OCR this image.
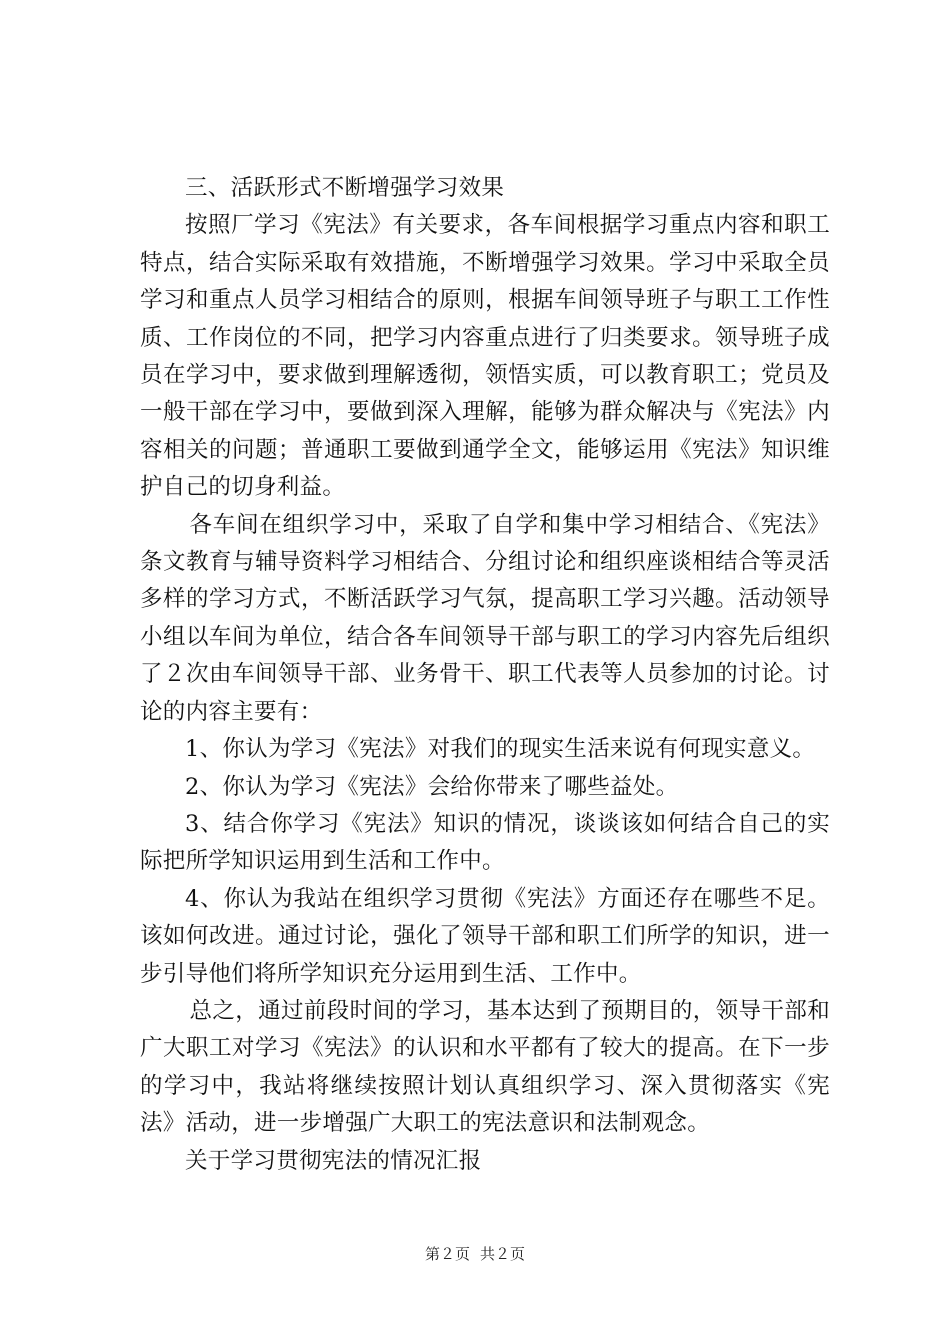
三、活跃形式不断增强学习效果

按照厂学习《宪法》有关要求，各车间根据学习重点内容和职工特点，结合实际采取有效措施，不断增强学习效果。学习中采取全员学习和重点人员学习相结合的原则，根据车间领导班子与职工工作性质、工作岗位的不同，把学习内容重点进行了归类要求。领导班子成员在学习中，要求做到理解透彻，领悟实质，可以教育职工；党员及一般干部在学习中，要做到深入理解，能够为群众解决与《宪法》内容相关的问题；普通职工要做到通学全文，能够运用《宪法》知识维护自己的切身利益。

各车间在组织学习中，采取了自学和集中学习相结合、《宪法》条文教育与辅导资料学习相结合、分组讨论和组织座谈相结合等灵活多样的学习方式，不断活跃学习气氛，提高职工学习兴趣。活动领导小组以车间为单位，结合各车间领导干部与职工的学习内容先后组织了２次由车间领导干部、业务骨干、职工代表等人员参加的讨论。讨论的内容主要有：

1、你认为学习《宪法》对我们的现实生活来说有何现实意义。

2、你认为学习《宪法》会给你带来了哪些益处。

3、结合你学习《宪法》知识的情况，谈谈该如何结合自己的实际把所学知识运用到生活和工作中。

4、你认为我站在组织学习贯彻《宪法》方面还存在哪些不足。该如何改进。通过讨论，强化了领导干部和职工们所学的知识，进一步引导他们将所学知识充分运用到生活、工作中。

总之，通过前段时间的学习，基本达到了预期目的，领导干部和广大职工对学习《宪法》的认识和水平都有了较大的提高。在下一步的学习中，我站将继续按照计划认真组织学习、深入贯彻落实《宪法》活动，进一步增强广大职工的宪法意识和法制观念。

关于学习贯彻宪法的情况汇报

第２页 共２页
